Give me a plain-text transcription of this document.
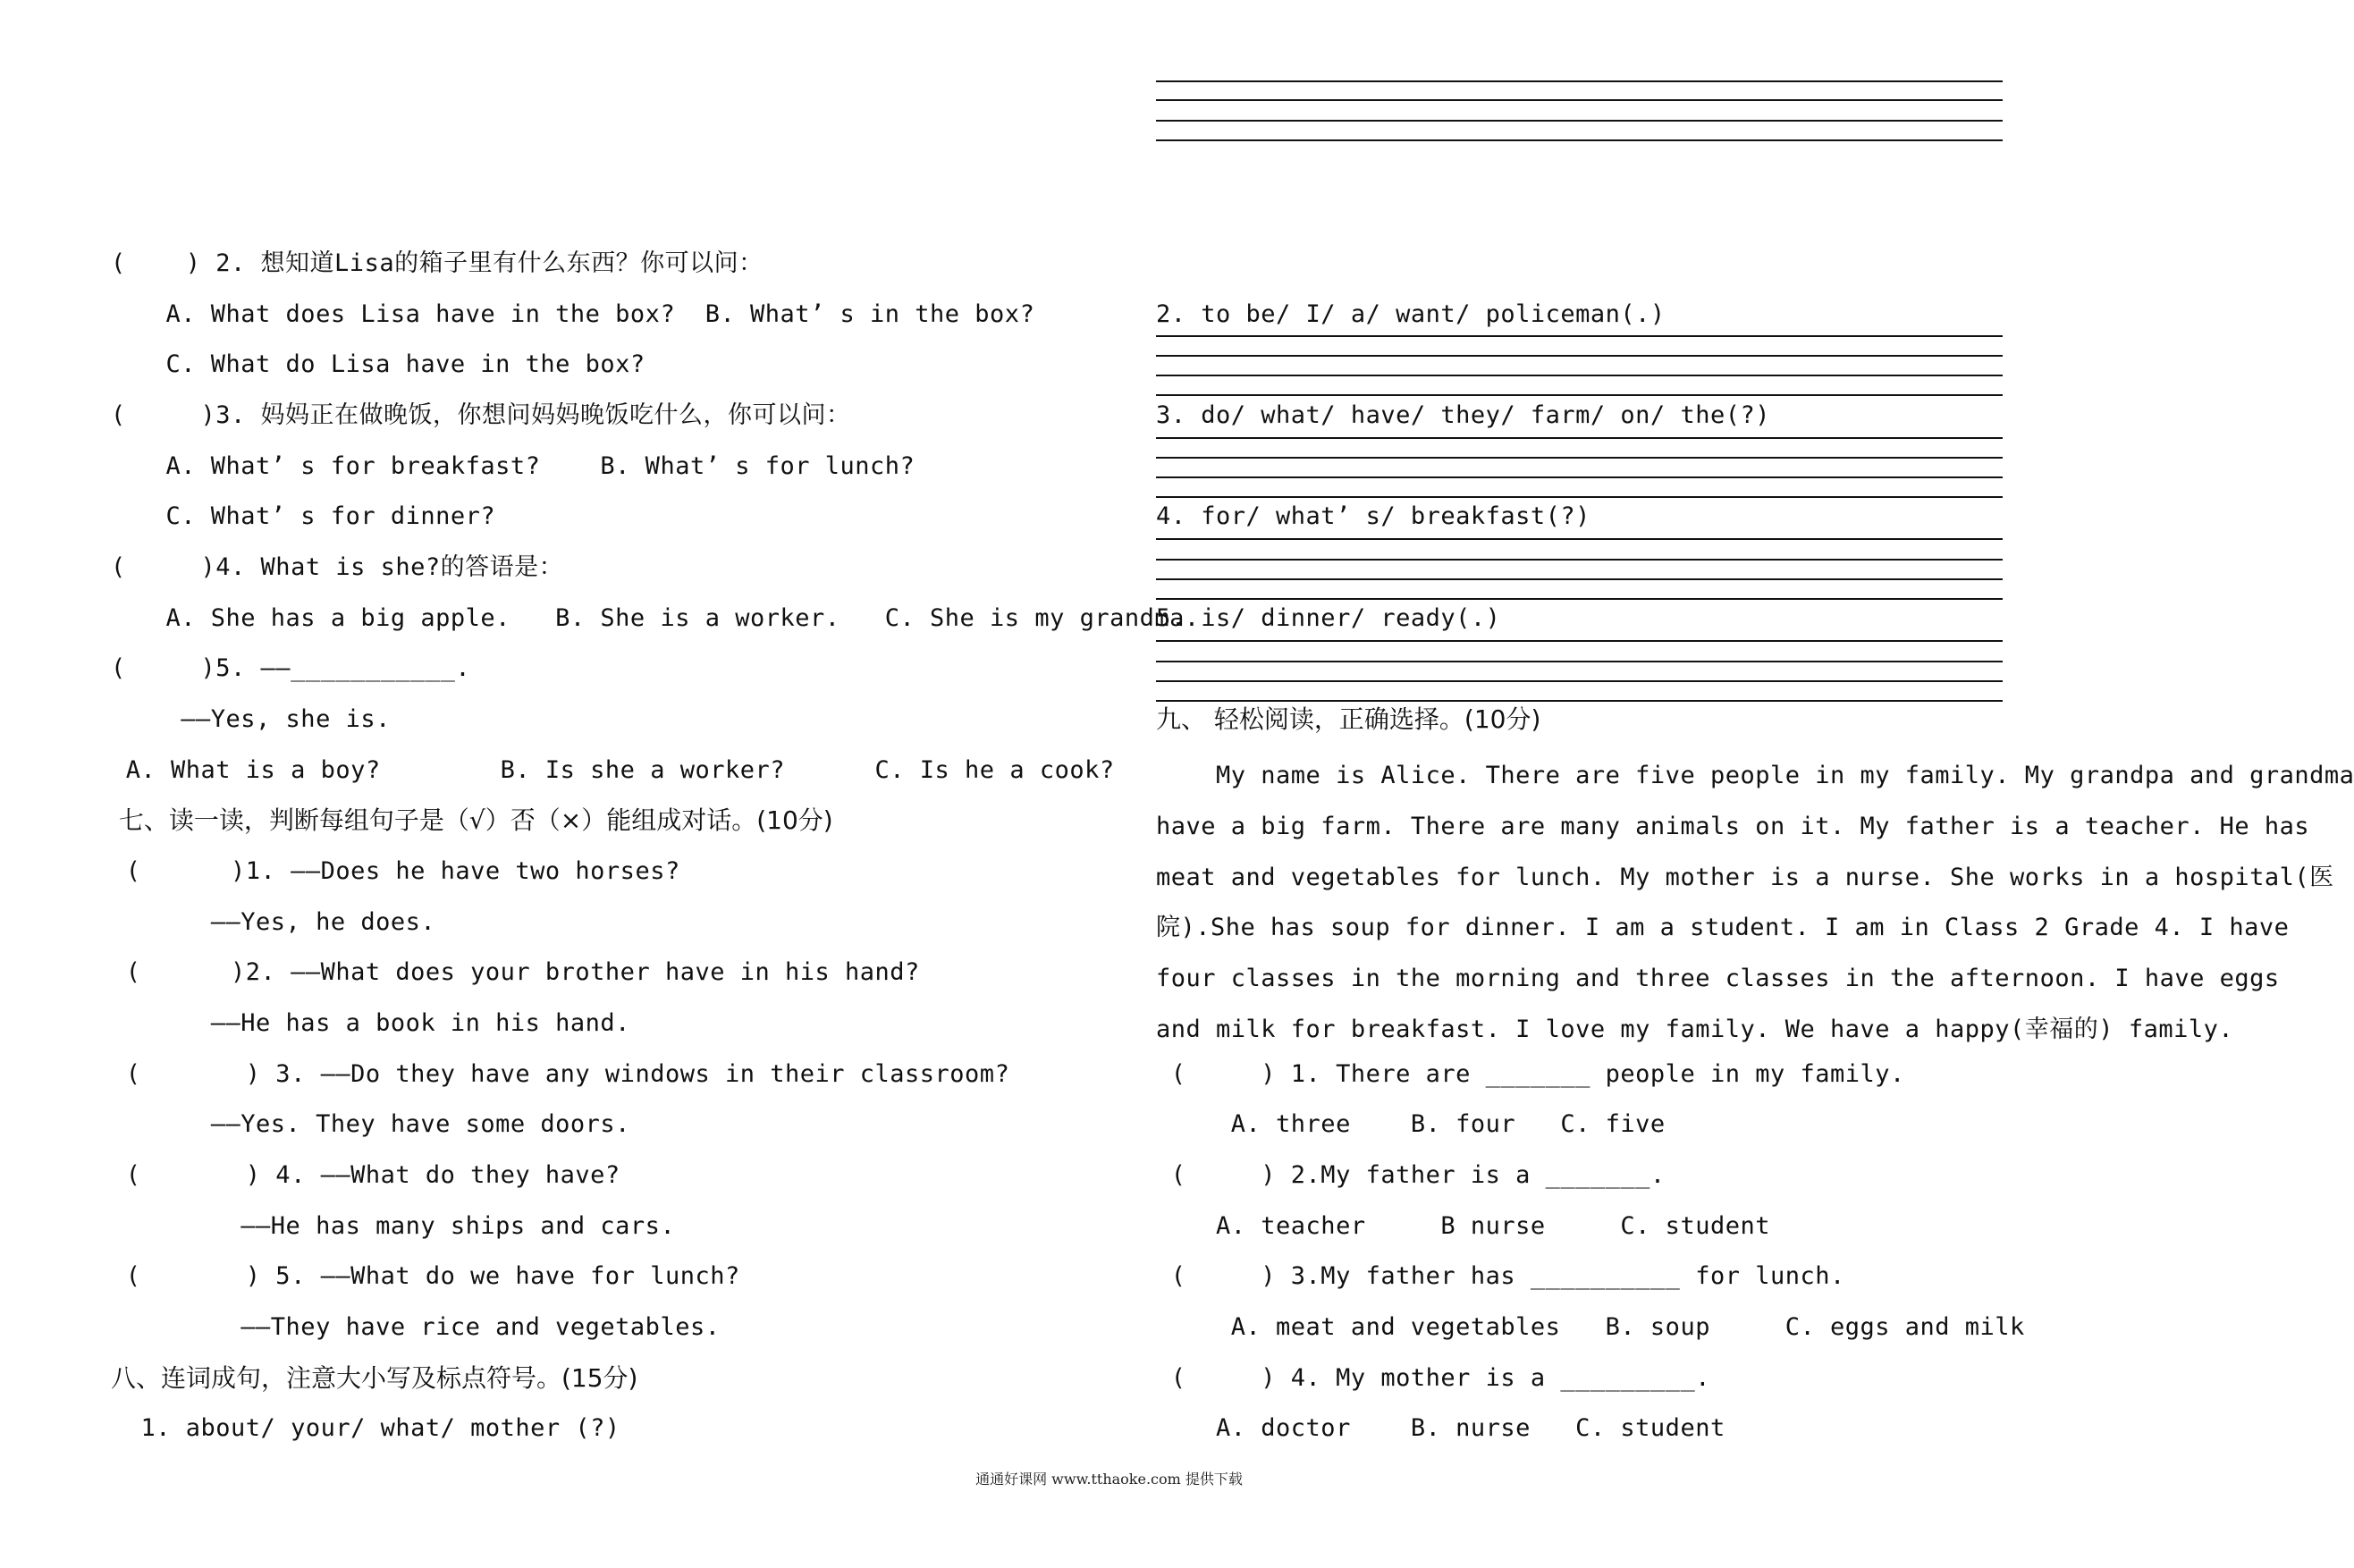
(    ) 2. 想知道Lisa的箱子里有什么东西？你可以问：
A. What does Lisa have in the box?  B. What’ s in the box?
C. What do Lisa have in the box?
(     )3. 妈妈正在做晚饭，你想问妈妈晚饭吃什么，你可以问：
A. What’ s for breakfast?    B. What’ s for lunch?
C. What’ s for dinner?
(     )4. What is she?的答语是：
A. She has a big apple.   B. She is a worker.   C. She is my grandma.
(     )5. ——___________.
——Yes, she is.
A. What is a boy?        B. Is she a worker?      C. Is he a cook?
七、读一读，判断每组句子是（√）否（×）能组成对话。(10分)
(      )1. ——Does he have two horses?
——Yes, he does.
(      )2. ——What does your brother have in his hand?
——He has a book in his hand.
(       ) 3. ——Do they have any windows in their classroom?
——Yes. They have some doors.
(       ) 4. ——What do they have?
——He has many ships and cars.
(       ) 5. ——What do we have for lunch?
——They have rice and vegetables.
八、连词成句，注意大小写及标点符号。(15分)
1. about/ your/ what/ mother (?)
2. to be/ I/ a/ want/ policeman(.)
3. do/ what/ have/ they/ farm/ on/ the(?)
4. for/ what’ s/ breakfast(?)
5. is/ dinner/ ready(.)
九、 轻松阅读，正确选择。(10分)
My name is Alice. There are five people in my family. My grandpa and grandma
have a big farm. There are many animals on it. My father is a teacher. He has
meat and vegetables for lunch. My mother is a nurse. She works in a hospital(医
院).She has soup for dinner. I am a student. I am in Class 2 Grade 4. I have
four classes in the morning and three classes in the afternoon. I have eggs
and milk for breakfast. I love my family. We have a happy(幸福的) family.
(     ) 1. There are _______ people in my family.
A. three    B. four   C. five
(     ) 2.My father is a _______.
A. teacher     B nurse     C. student
(     ) 3.My father has __________ for lunch.
A. meat and vegetables   B. soup     C. eggs and milk
(     ) 4. My mother is a _________.
A. doctor    B. nurse   C. student
通通好课网 www.tthaoke.com 提供下载
